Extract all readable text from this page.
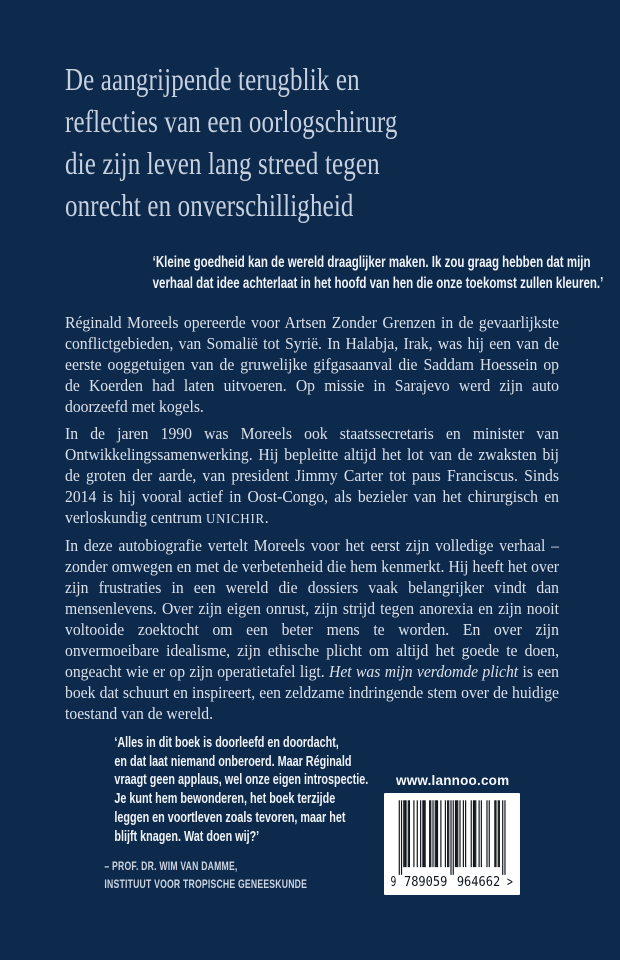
De aangrijpende terugblik en
reflecties van een oorlogschirurg
die zijn leven lang streed tegen
onrecht en onverschilligheid
‘Kleine goedheid kan de wereld draaglijker maken. Ik zou graag hebben dat mijn
verhaal dat idee achterlaat in het hoofd van hen die onze toekomst zullen kleuren.’

Réginald Moreels opereerde voor Artsen Zonder Grenzen in de gevaarlijkste conflictgebieden, van Somalië tot Syrië. In Halabja, Irak, was hij een van de eerste ooggetuigen van de gruwelijke gifgasaanval die Saddam Hoessein op de Koerden had laten uitvoeren. Op missie in Sarajevo werd zijn auto doorzeefd met kogels.

In de jaren 1990 was Moreels ook staatssecretaris en minister van Ontwikkelingssamenwerking. Hij bepleitte altijd het lot van de zwaksten bij de groten der aarde, van president Jimmy Carter tot paus Franciscus. Sinds 2014 is hij vooral actief in Oost-Congo, als bezieler van het chirurgisch en verloskundig centrum UNICHIR.

In deze autobiografie vertelt Moreels voor het eerst zijn volledige verhaal – zonder omwegen en met de verbetenheid die hem kenmerkt. Hij heeft het over zijn frustraties in een wereld die dossiers vaak belangrijker vindt dan mensenlevens. Over zijn eigen onrust, zijn strijd tegen anorexia en zijn nooit voltooide zoektocht om een beter mens te worden. En over zijn onvermoeibare idealisme, zijn ethische plicht om altijd het goede te doen, ongeacht wie er op zijn operatietafel ligt. Het was mijn verdomde plicht is een boek dat schuurt en inspireert, een zeldzame indringende stem over de huidige toestand van de wereld.

‘Alles in dit boek is doorleefd en doordacht,
en dat laat niemand onberoerd. Maar Réginald
vraagt geen applaus, wel onze eigen introspectie.
Je kunt hem bewonderen, het boek terzijde
leggen en voortleven zoals tevoren, maar het
blijft knagen. Wat doen wij?’
– PROF. DR. WIM VAN DAMME,
INSTITUUT VOOR TROPISCHE GENEESKUNDE
www.lannoo.com
9 789059 964662 >
